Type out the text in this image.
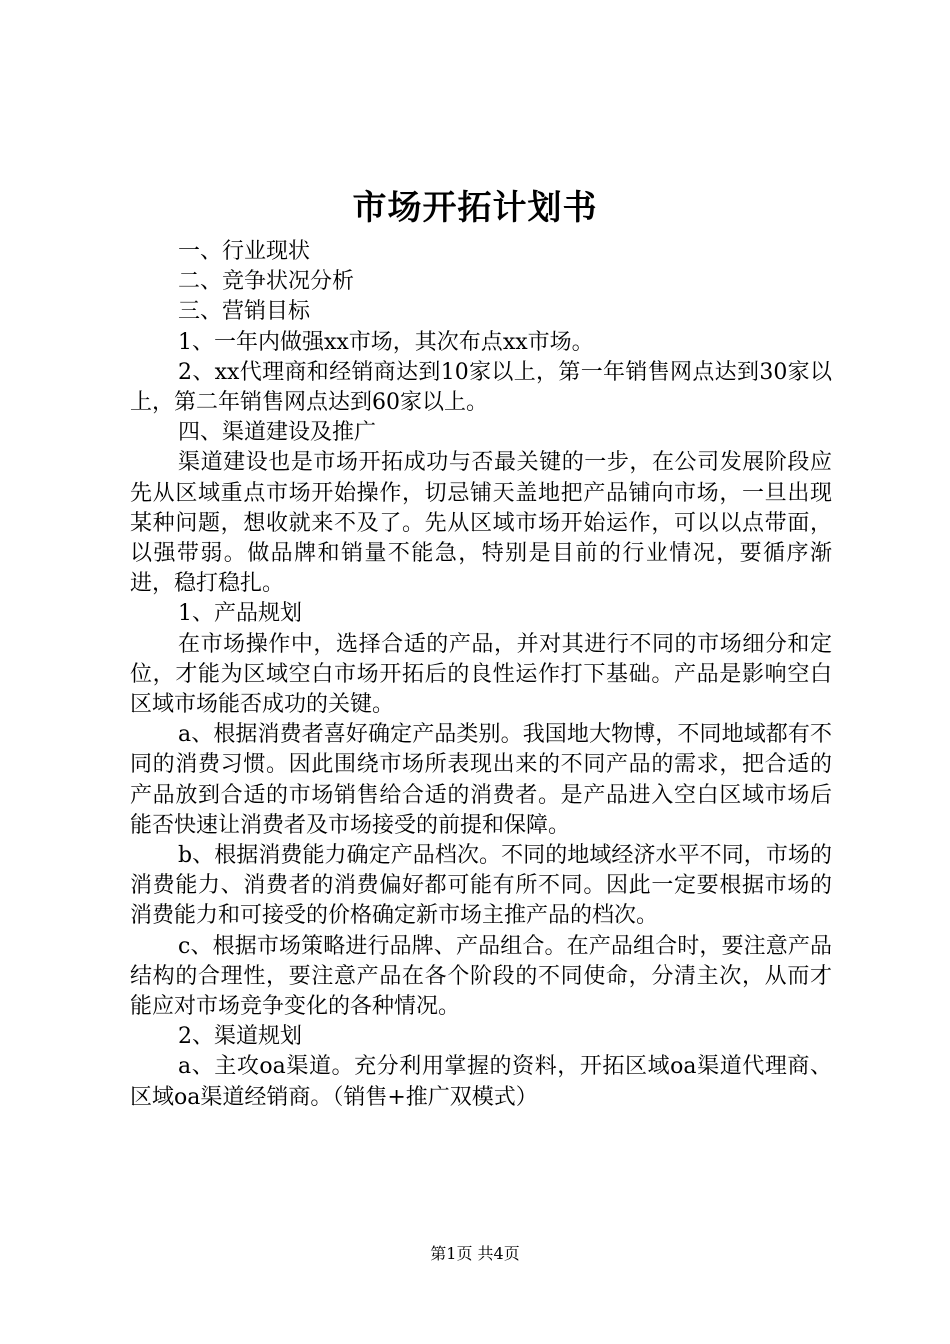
市场开拓计划书

一、行业现状

二、竞争状况分析

三、营销目标

1、一年内做强xx市场，其次布点xx市场。

2、xx代理商和经销商达到10家以上，第一年销售网点达到30家以上，第二年销售网点达到60家以上。

四、渠道建设及推广

渠道建设也是市场开拓成功与否最关键的一步，在公司发展阶段应先从区域重点市场开始操作，切忌铺天盖地把产品铺向市场，一旦出现某种问题，想收就来不及了。先从区域市场开始运作，可以以点带面，以强带弱。做品牌和销量不能急，特别是目前的行业情况，要循序渐进，稳打稳扎。

1、产品规划

在市场操作中，选择合适的产品，并对其进行不同的市场细分和定位，才能为区域空白市场开拓后的良性运作打下基础。产品是影响空白区域市场能否成功的关键。

a、根据消费者喜好确定产品类别。我国地大物博，不同地域都有不同的消费习惯。因此围绕市场所表现出来的不同产品的需求，把合适的产品放到合适的市场销售给合适的消费者。是产品进入空白区域市场后能否快速让消费者及市场接受的前提和保障。

b、根据消费能力确定产品档次。不同的地域经济水平不同，市场的消费能力、消费者的消费偏好都可能有所不同。因此一定要根据市场的消费能力和可接受的价格确定新市场主推产品的档次。

c、根据市场策略进行品牌、产品组合。在产品组合时，要注意产品结构的合理性，要注意产品在各个阶段的不同使命，分清主次，从而才能应对市场竞争变化的各种情况。

2、渠道规划

a、主攻oa渠道。充分利用掌握的资料，开拓区域oa渠道代理商、区域oa渠道经销商。（销售+推广双模式）

第1页 共4页
